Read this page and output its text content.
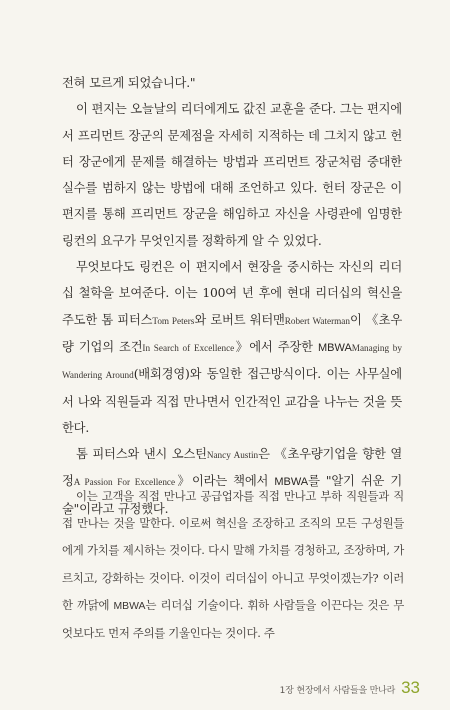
전혀 모르게 되었습니다."

이 편지는 오늘날의 리더에게도 값진 교훈을 준다. 그는 편지에서 프리먼트 장군의 문제점을 자세히 지적하는 데 그치지 않고 헌터 장군에게 문제를 해결하는 방법과 프리먼트 장군처럼 중대한 실수를 범하지 않는 방법에 대해 조언하고 있다. 헌터 장군은 이 편지를 통해 프리먼트 장군을 해임하고 자신을 사령관에 임명한 링컨의 요구가 무엇인지를 정확하게 알 수 있었다.

무엇보다도 링컨은 이 편지에서 현장을 중시하는 자신의 리더십 철학을 보여준다. 이는 100여 년 후에 현대 리더십의 혁신을 주도한 톰 피터스Tom Peters와 로버트 워터맨Robert Waterman이 《초우량 기업의 조건In Search of Excellence》에서 주장한 MBWAManaging by Wandering Around(배회경영)와 동일한 접근방식이다. 이는 사무실에서 나와 직원들과 직접 만나면서 인간적인 교감을 나누는 것을 뜻한다.

톰 피터스와 낸시 오스틴Nancy Austin은 《초우량기업을 향한 열정A Passion For Excellence》이라는 책에서 MBWA를 "알기 쉬운 기술"이라고 규정했다.

이는 고객을 직접 만나고 공급업자를 직접 만나고 부하 직원들과 직접 만나는 것을 말한다. 이로써 혁신을 조장하고 조직의 모든 구성원들에게 가치를 제시하는 것이다. 다시 말해 가치를 경청하고, 조장하며, 가르치고, 강화하는 것이다. 이것이 리더십이 아니고 무엇이겠는가? 이러한 까닭에 MBWA는 리더십 기술이다. 휘하 사람들을 이끈다는 것은 무엇보다도 먼저 주의를 기울인다는 것이다. 주

1장 현장에서 사람들을 만나라 33
